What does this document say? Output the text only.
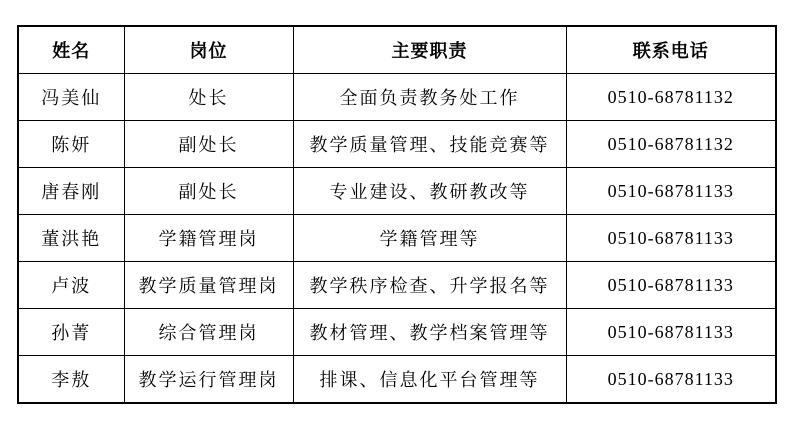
姓名	岗位	主要职责	联系电话
冯美仙	处长	全面负责教务处工作	0510-68781132
陈妍	副处长	教学质量管理、技能竞赛等	0510-68781132
唐春刚	副处长	专业建设、教研教改等	0510-68781133
董洪艳	学籍管理岗	学籍管理等	0510-68781133
卢波	教学质量管理岗	教学秩序检查、升学报名等	0510-68781133
孙菁	综合管理岗	教材管理、教学档案管理等	0510-68781133
李敖	教学运行管理岗	排课、信息化平台管理等	0510-68781133
